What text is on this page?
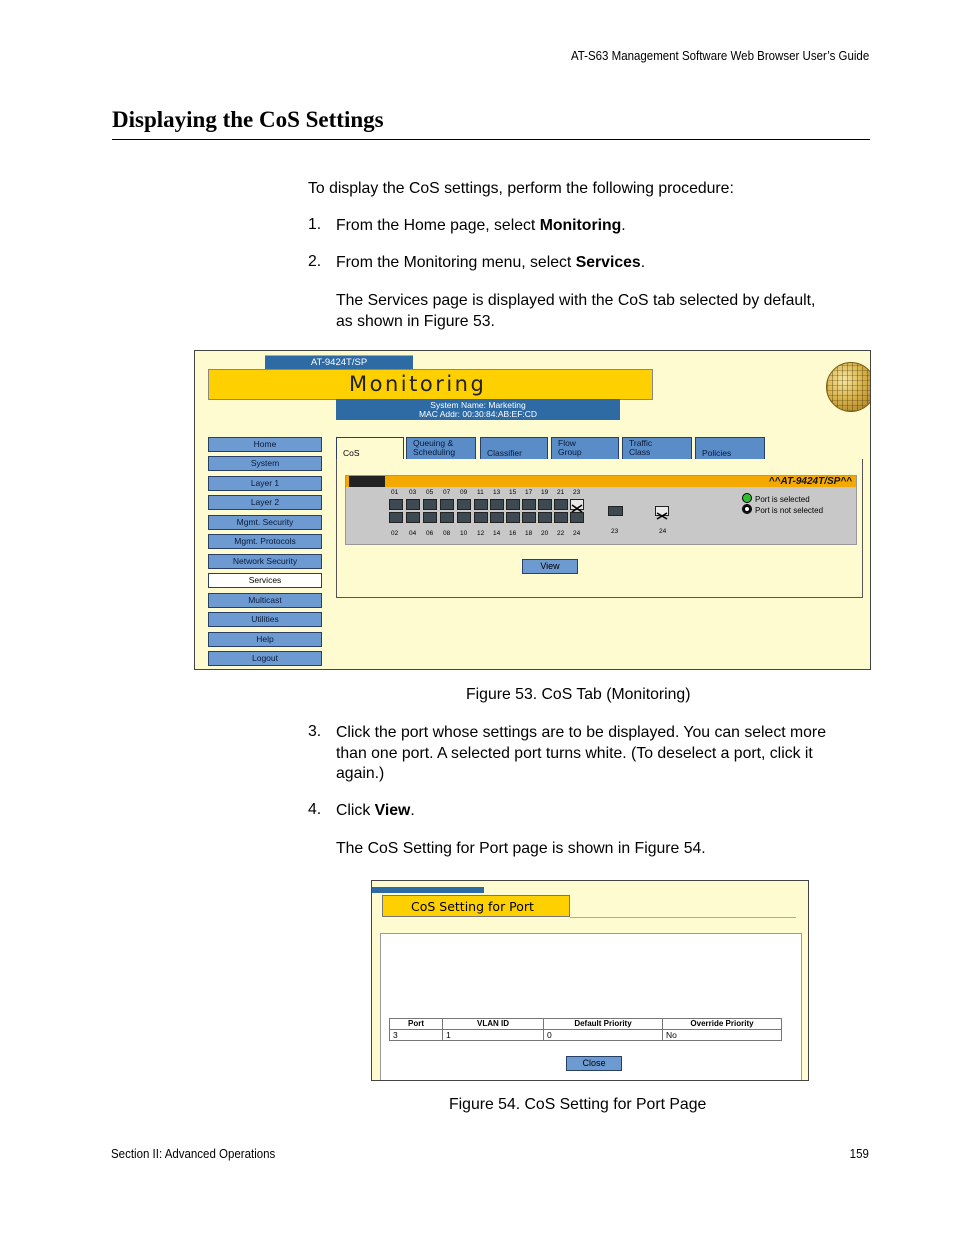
AT-S63 Management Software Web Browser User’s Guide
Displaying the CoS Settings
To display the CoS settings, perform the following procedure:
1. From the Home page, select Monitoring.
2. From the Monitoring menu, select Services.
The Services page is displayed with the CoS tab selected by default,
as shown in Figure 53.
AT-9424T/SP
Monitoring
System Name: Marketing
MAC Addr: 00:30:84:AB:EF:CD
Home
System
Layer 1
Layer 2
Mgmt. Security
Mgmt. Protocols
Network Security
Services
Multicast
Utilities
Help
Logout
CoS
Queuing &
Scheduling	Classifier
Flow
Group
Traffic
Class	Policies
^^AT-9424T/SP^^
01 03 05 07 09 11 13 15 17 19 21 23
02 04 06 08 10 12 14 16 18 20 22 24	23	24
Port is selected
Port is not selected
View
Figure 53. CoS Tab (Monitoring)
3. Click the port whose settings are to be displayed. You can select more
than one port. A selected port turns white. (To deselect a port, click it
again.)
4. Click View.
The CoS Setting for Port page is shown in Figure 54.
CoS Setting for Port
Port	VLAN ID	Default Priority	Override Priority
3	1	0	No
Close
Figure 54. CoS Setting for Port Page
Section II: Advanced Operations	159
